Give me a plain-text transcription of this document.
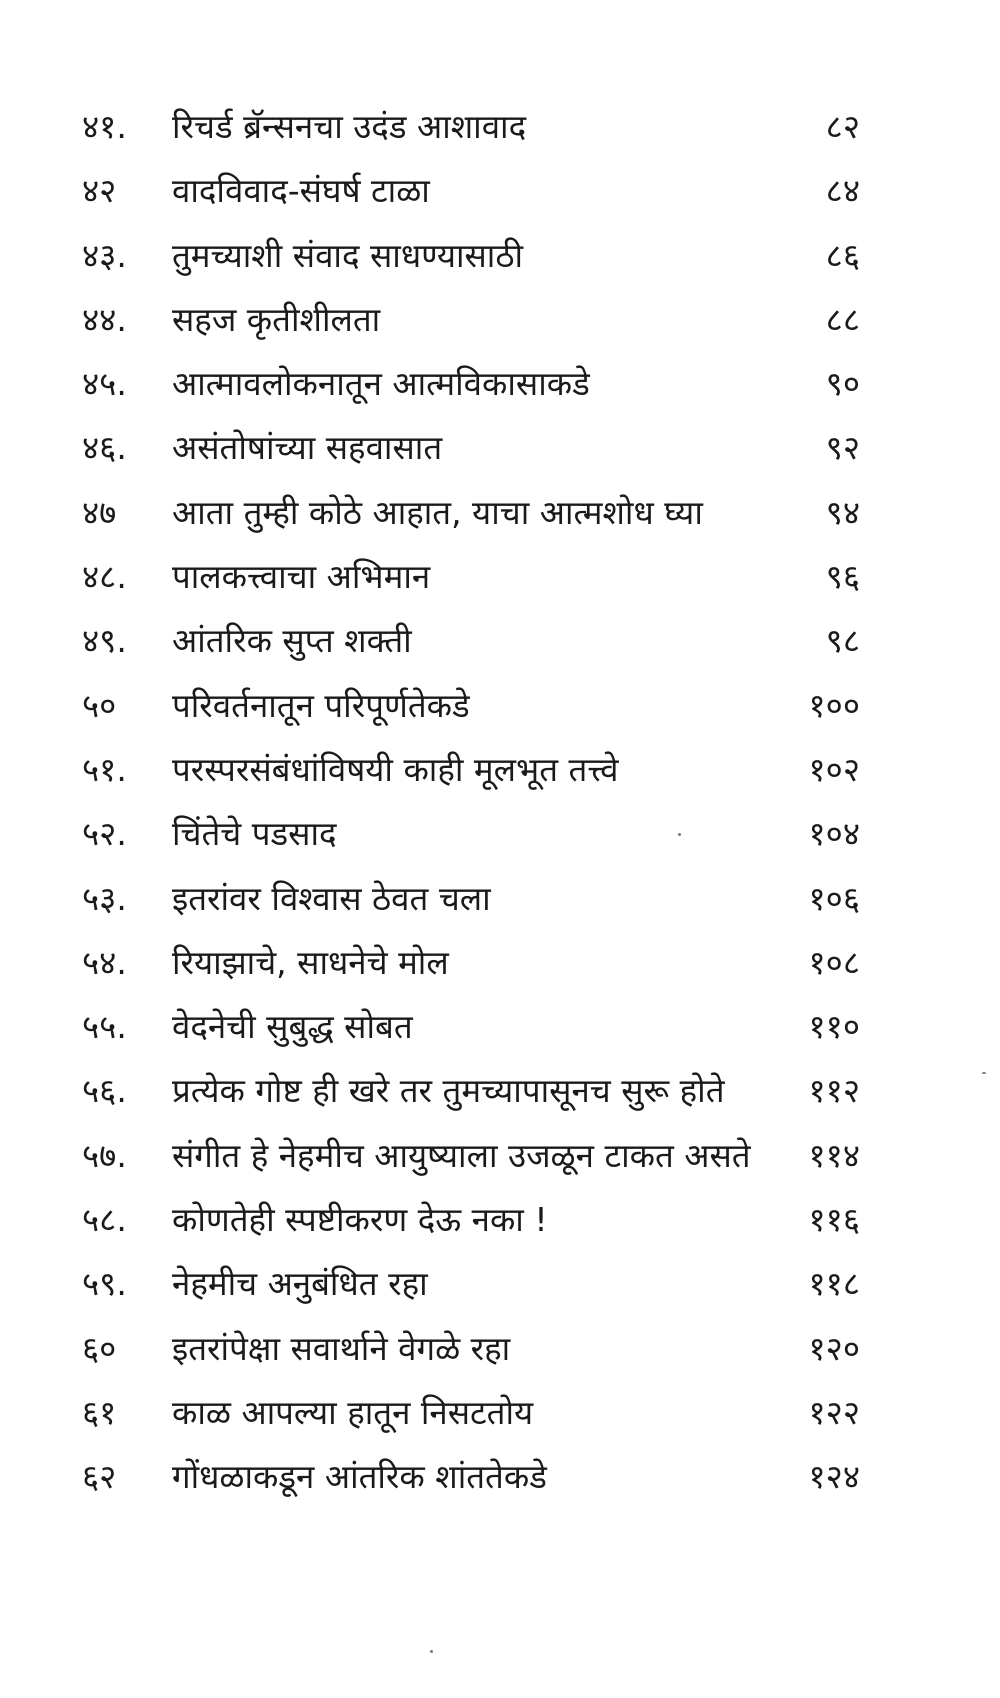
४१. रिचर्ड ब्रॅन्सनचा उदंड आशावाद	८२
४२ वादविवाद-संघर्ष टाळा	८४
४३. तुमच्याशी संवाद साधण्यासाठी	८६
४४. सहज कृतीशीलता	८८
४५. आत्मावलोकनातून आत्मविकासाकडे	९०
४६. असंतोषांच्या सहवासात	९२
४७ आता तुम्ही कोठे आहात, याचा आत्मशोध घ्या	९४
४८. पालकत्त्वाचा अभिमान	९६
४९. आंतरिक सुप्त शक्ती	९८
५० परिवर्तनातून परिपूर्णतेकडे	१००
५१. परस्परसंबंधांविषयी काही मूलभूत तत्त्वे	१०२
५२. चिंतेचे पडसाद	१०४
५३. इतरांवर विश्वास ठेवत चला	१०६
५४. रियाझाचे, साधनेचे मोल	१०८
५५. वेदनेची सुबुद्ध सोबत	११०
५६. प्रत्येक गोष्ट ही खरे तर तुमच्यापासूनच सुरू होते	११२
५७. संगीत हे नेहमीच आयुष्याला उजळून टाकत असते ११४
५८. कोणतेही स्पष्टीकरण देऊ नका !	११६
५९. नेहमीच अनुबंधित रहा	११८
६० इतरांपेक्षा सवार्थाने वेगळे रहा	१२०
६१ काळ आपल्या हातून निसटतोय	१२२
६२ गोंधळाकडून आंतरिक शांततेकडे	१२४
